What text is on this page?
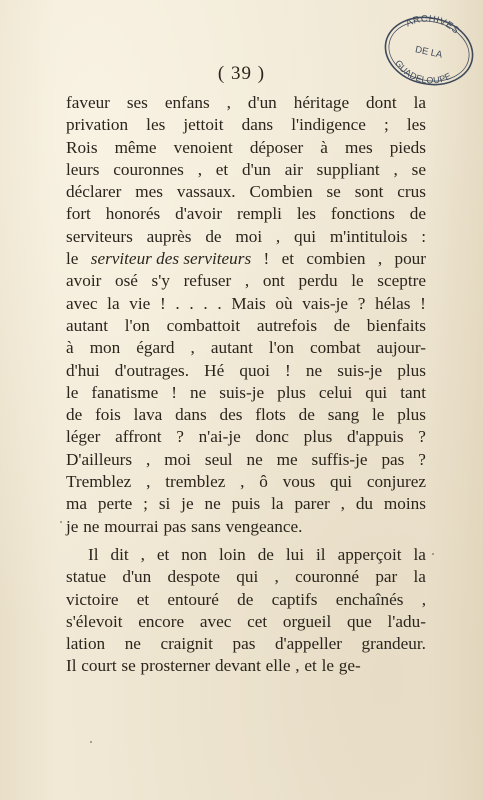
ARCHIVES
DE LA
GUADELOUPE
( 39 )
faveur ses enfans , d'un héritage dont la
privation les jettoit dans l'indigence ; les
Rois même venoient déposer à mes pieds
leurs couronnes , et d'un air suppliant , se
déclarer mes vassaux. Combien se sont crus
fort honorés d'avoir rempli les fonctions de
serviteurs auprès de moi , qui m'intitulois :
le serviteur des serviteurs ! et combien , pour
avoir osé s'y refuser , ont perdu le sceptre
avec la vie ! . . . . Mais où vais-je ? hélas !
autant l'on combattoit autrefois de bienfaits
à mon égard , autant l'on combat aujour-
d'hui d'outrages. Hé quoi ! ne suis-je plus
le fanatisme ! ne suis-je plus celui qui tant
de fois lava dans des flots de sang le plus
léger affront ? n'ai-je donc plus d'appuis ?
D'ailleurs , moi seul ne me suffis-je pas ?
Tremblez , tremblez , ô vous qui conjurez
ma perte ; si je ne puis la parer , du moins
je ne mourrai pas sans vengeance.
Il dit , et non loin de lui il apperçoit la
statue d'un despote qui , couronné par la
victoire et entouré de captifs enchaînés ,
s'élevoit encore avec cet orgueil que l'adu-
lation ne craignit pas d'appeller grandeur.
Il court se prosterner devant elle , et le ge-
